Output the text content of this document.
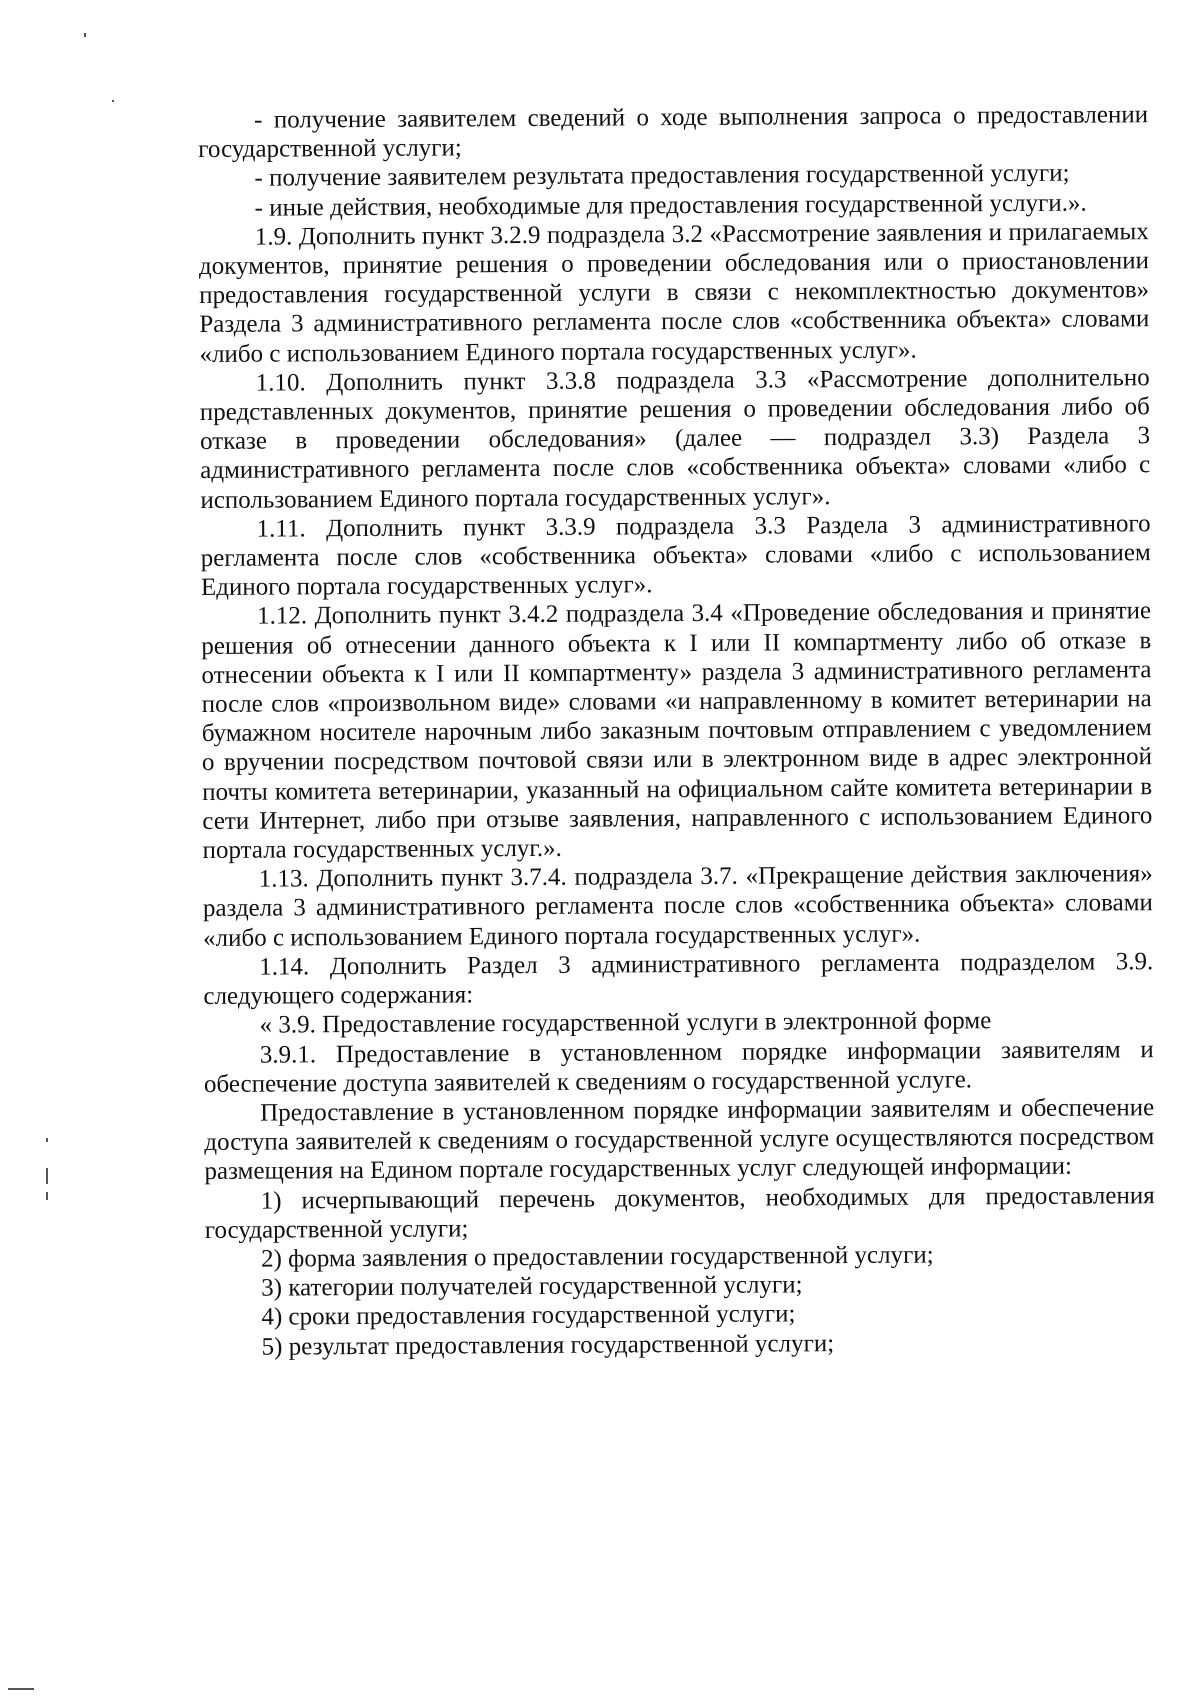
- получение заявителем сведений о ходе выполнения запроса о предоставлении государственной услуги;

- получение заявителем результата предоставления государственной услуги;

- иные действия, необходимые для предоставления государственной услуги.».

1.9. Дополнить пункт 3.2.9 подраздела 3.2 «Рассмотрение заявления и прилагаемых документов, принятие решения о проведении обследования или о приостановлении предоставления государственной услуги в связи с некомплектностью документов» Раздела 3 административного регламента после слов «собственника объекта» словами «либо с использованием Единого портала государственных услуг».

1.10. Дополнить пункт 3.3.8 подраздела 3.3 «Рассмотрение дополнительно представленных документов, принятие решения о проведении обследования либо об отказе в проведении обследования» (далее — подраздел 3.3) Раздела 3 административного регламента после слов «собственника объекта» словами «либо с использованием Единого портала государственных услуг».

1.11. Дополнить пункт 3.3.9 подраздела 3.3 Раздела 3 административного регламента после слов «собственника объекта» словами «либо с использованием Единого портала государственных услуг».

1.12. Дополнить пункт 3.4.2 подраздела 3.4 «Проведение обследования и принятие решения об отнесении данного объекта к I или II компартменту либо об отказе в отнесении объекта к I или II компартменту» раздела 3 административного регламента после слов «произвольном виде» словами «и направленному в комитет ветеринарии на бумажном носителе нарочным либо заказным почтовым отправлением с уведомлением о вручении посредством почтовой связи или в электронном виде в адрес электронной почты комитета ветеринарии, указанный на официальном сайте комитета ветеринарии в сети Интернет, либо при отзыве заявления, направленного с использованием Единого портала государственных услуг.».

1.13. Дополнить пункт 3.7.4. подраздела 3.7. «Прекращение действия заключения» раздела 3 административного регламента после слов «собственника объекта» словами «либо с использованием Единого портала государственных услуг».

1.14. Дополнить Раздел 3 административного регламента подразделом 3.9. следующего содержания:

« 3.9. Предоставление государственной услуги в электронной форме

3.9.1. Предоставление в установленном порядке информации заявителям и обеспечение доступа заявителей к сведениям о государственной услуге.

Предоставление в установленном порядке информации заявителям и обеспечение доступа заявителей к сведениям о государственной услуге осуществляются посредством размещения на Едином портале государственных услуг следующей информации:

1) исчерпывающий перечень документов, необходимых для предоставления государственной услуги;

2) форма заявления о предоставлении государственной услуги;

3) категории получателей государственной услуги;

4) сроки предоставления государственной услуги;

5) результат предоставления государственной услуги;
